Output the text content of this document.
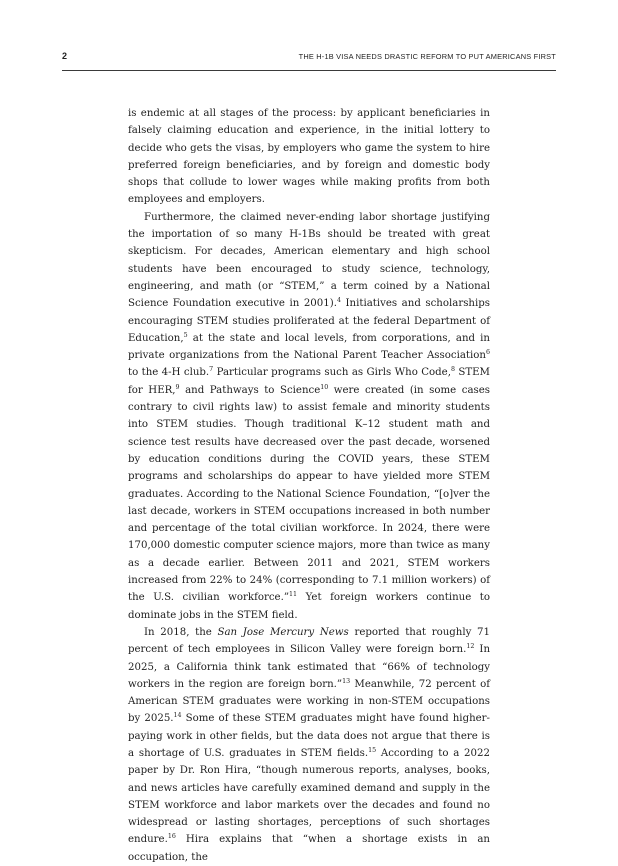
2	THE H-1B VISA NEEDS DRASTIC REFORM TO PUT AMERICANS FIRST

is endemic at all stages of the process: by applicant beneficiaries in falsely claiming education and experience, in the initial lottery to decide who gets the visas, by employers who game the system to hire preferred foreign beneficiaries, and by foreign and domestic body shops that collude to lower wages while making profits from both employees and employers.

Furthermore, the claimed never-ending labor shortage justifying the importation of so many H-1Bs should be treated with great skepticism. For decades, American elementary and high school students have been encouraged to study science, technology, engineering, and math (or “STEM,” a term coined by a National Science Foundation executive in 2001).$^4$ Initiatives and scholarships encouraging STEM studies proliferated at the federal Department of Education,$^5$ at the state and local levels, from corporations, and in private organizations from the National Parent Teacher Association$^6$ to the 4-H club.$^7$ Particular programs such as Girls Who Code,$^8$ STEM for HER,$^9$ and Pathways to Science$^{10}$ were created (in some cases contrary to civil rights law) to assist female and minority students into STEM studies. Though traditional K–12 student math and science test results have decreased over the past decade, worsened by education conditions during the COVID years, these STEM programs and scholarships do appear to have yielded more STEM graduates. According to the National Science Foundation, “[o]ver the last decade, workers in STEM occupations increased in both number and percentage of the total civilian workforce. In 2024, there were 170,000 domestic computer science majors, more than twice as many as a decade earlier. Between 2011 and 2021, STEM workers increased from 22% to 24% (corresponding to 7.1 million workers) of the U.S. civilian workforce.”$^{11}$ Yet foreign workers continue to dominate jobs in the STEM field.

In 2018, the San Jose Mercury News reported that roughly 71 percent of tech employees in Silicon Valley were foreign born.$^{12}$ In 2025, a California think tank estimated that “66% of technology workers in the region are foreign born.”$^{13}$ Meanwhile, 72 percent of American STEM graduates were working in non-STEM occupations by 2025.14 Some of these STEM graduates might have found higher-paying work in other fields, but the data does not argue that there is a shortage of U.S. graduates in STEM fields.$^{15}$ According to a 2022 paper by Dr. Ron Hira, “though numerous reports, analyses, books, and news articles have carefully examined demand and supply in the STEM workforce and labor markets over the decades and found no widespread or lasting shortages, perceptions of such shortages endure.$^{16}$ Hira explains that “when a shortage exists in an occupation, the
